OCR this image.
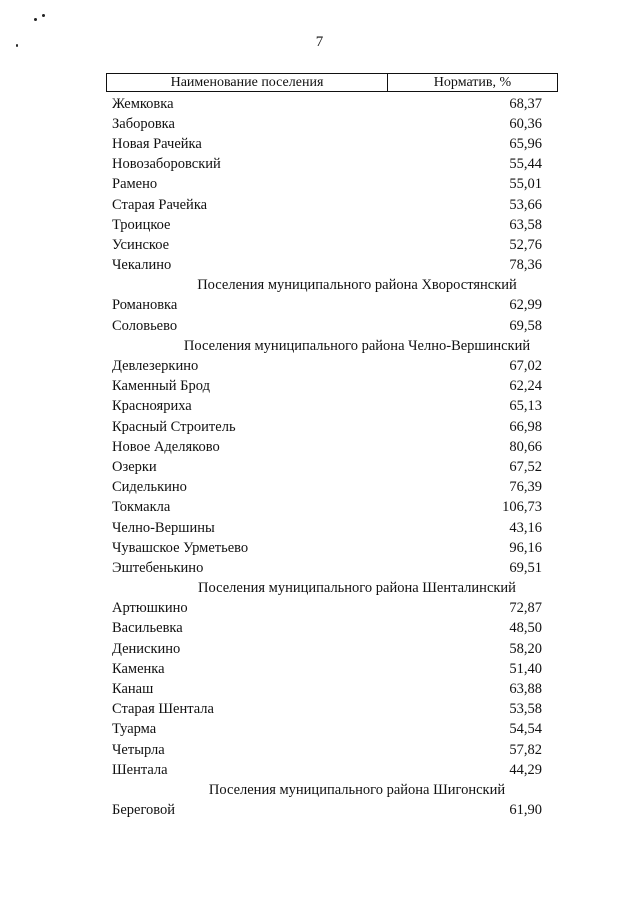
7
Наименование поселения	Норматив, %
Жемковка	68,37
Заборовка	60,36
Новая Рачейка	65,96
Новозаборовский	55,44
Рамено	55,01
Старая Рачейка	53,66
Троицкое	63,58
Усинское	52,76
Чекалино	78,36
Поселения муниципального района Хворостянский
Романовка	62,99
Соловьево	69,58
Поселения муниципального района Челно-Вершинский
Девлезеркино	67,02
Каменный Брод	62,24
Краснояриха	65,13
Красный Строитель	66,98
Новое Аделяково	80,66
Озерки	67,52
Сиделькино	76,39
Токмакла	106,73
Челно-Вершины	43,16
Чувашское Урметьево	96,16
Эштебенькино	69,51
Поселения муниципального района Шенталинский
Артюшкино	72,87
Васильевка	48,50
Денискино	58,20
Каменка	51,40
Канаш	63,88
Старая Шентала	53,58
Туарма	54,54
Четырла	57,82
Шентала	44,29
Поселения муниципального района Шигонский
Береговой	61,90
